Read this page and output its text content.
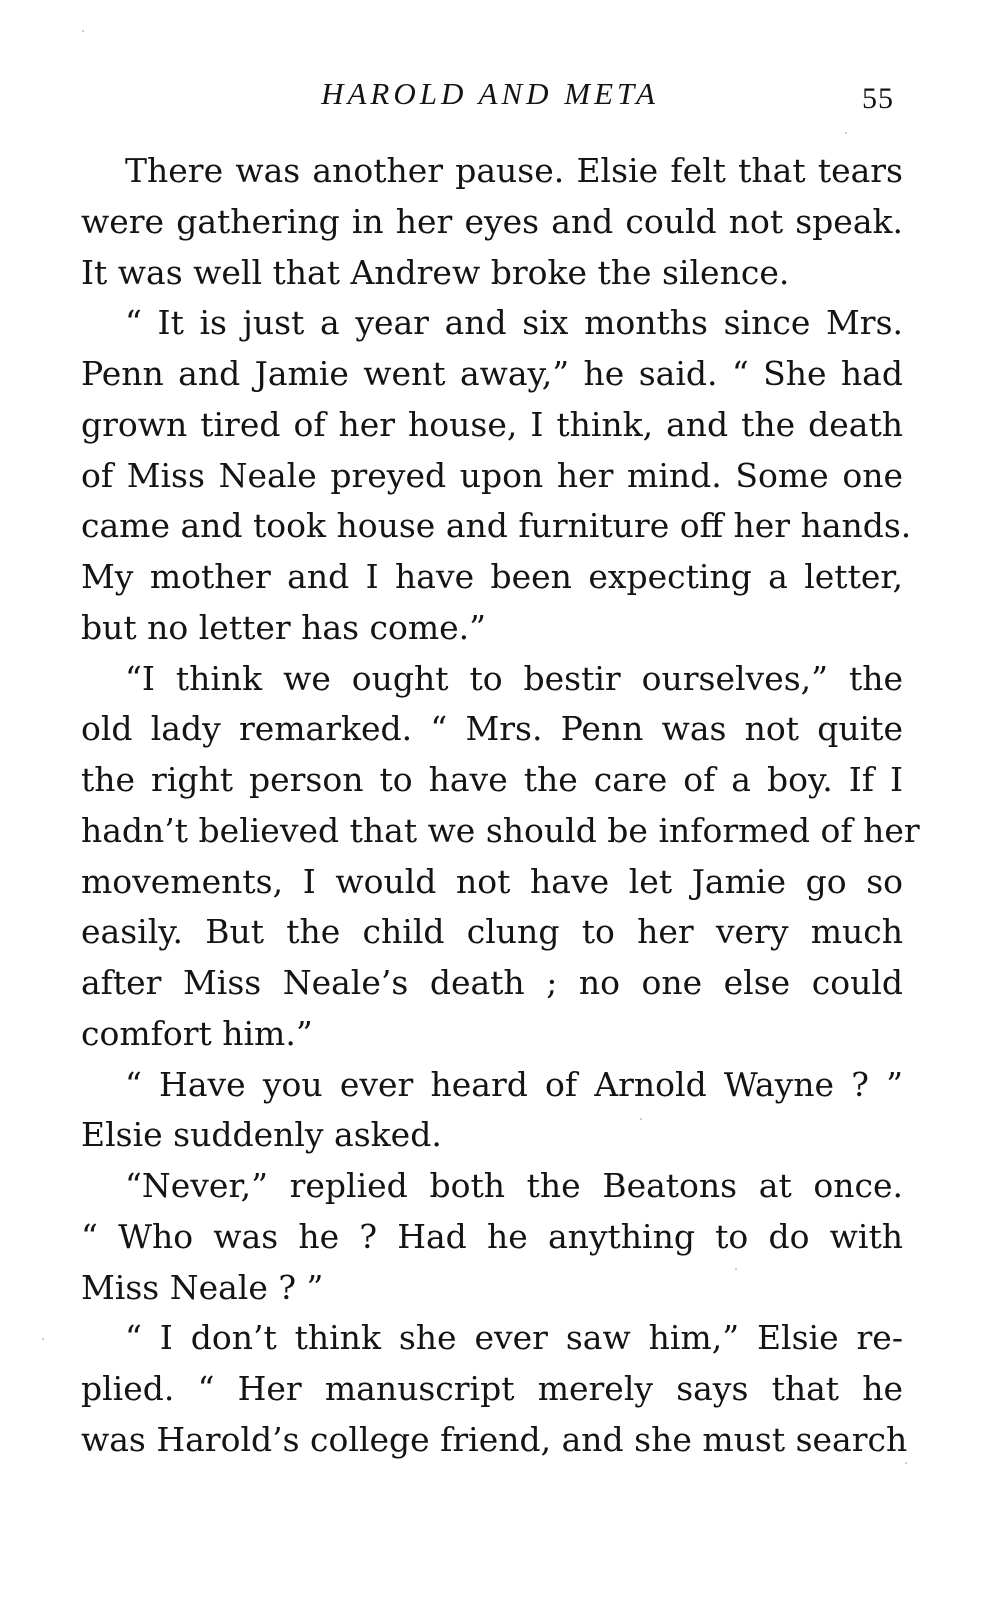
HAROLD AND META	55
There was another pause. Elsie felt that tears
were gathering in her eyes and could not speak.
It was well that Andrew broke the silence.
“ It is just a year and six months since Mrs.
Penn and Jamie went away,” he said. “ She had
grown tired of her house, I think, and the death
of Miss Neale preyed upon her mind. Some one
came and took house and furniture off her hands.
My mother and I have been expecting a letter,
but no letter has come.”
“I think we ought to bestir ourselves,” the
old lady remarked. “ Mrs. Penn was not quite
the right person to have the care of a boy. If I
hadn’t believed that we should be informed of her
movements, I would not have let Jamie go so
easily. But the child clung to her very much
after Miss Neale’s death ; no one else could
comfort him.”
“ Have you ever heard of Arnold Wayne ? ”
Elsie suddenly asked.
“Never,” replied both the Beatons at once.
“ Who was he ? Had he anything to do with
Miss Neale ? ”
“ I don’t think she ever saw him,” Elsie re-
plied. “ Her manuscript merely says that he
was Harold’s college friend, and she must search
